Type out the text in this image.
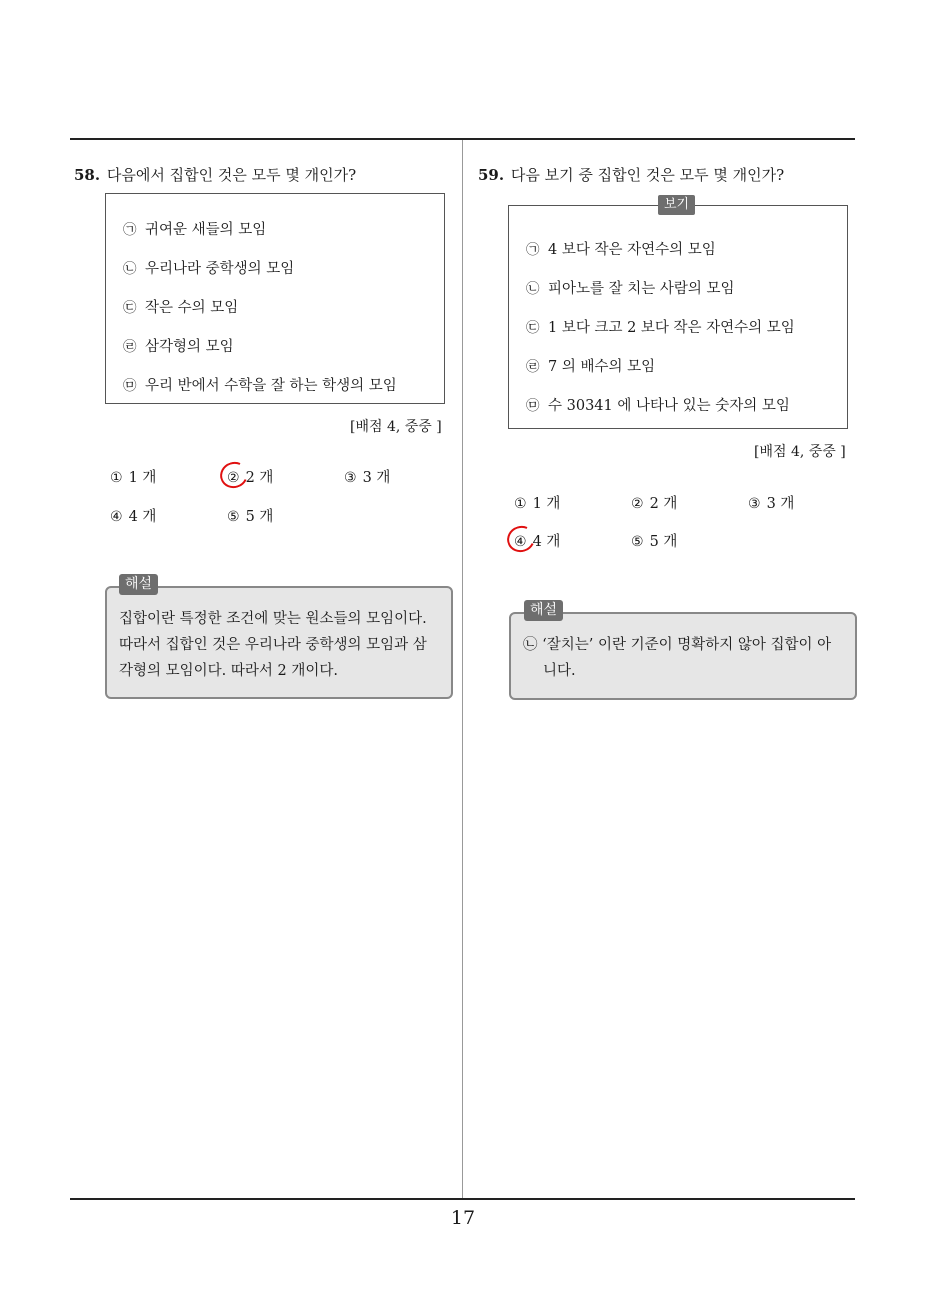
58. 다음에서 집합인 것은 모두 몇 개인가?
㉠ 귀여운 새들의 모임
㉡ 우리나라 중학생의 모임
㉢ 작은 수의 모임
㉣ 삼각형의 모임
㉤ 우리 반에서 수학을 잘 하는 학생의 모임
[배점 4, 중중 ]
① 1 개	② 2 개	③ 3 개
④ 4 개	⑤ 5 개
집합이란 특정한 조건에 맞는 원소들의 모임이다.
따라서 집합인 것은 우리나라 중학생의 모임과 삼
각형의 모임이다. 따라서 2 개이다.
해설
59. 다음 보기 중 집합인 것은 모두 몇 개인가?
㉠ 4 보다 작은 자연수의 모임
㉡ 피아노를 잘 치는 사람의 모임
㉢ 1 보다 크고 2 보다 작은 자연수의 모임
㉣ 7 의 배수의 모임
㉤ 수 30341 에 나타나 있는 숫자의 모임
보기
[배점 4, 중중 ]
① 1 개	② 2 개	③ 3 개
④ 4 개	⑤ 5 개
㉡ ‘잘치는’ 이란 기준이 명확하지 않아 집합이 아
니다.
해설
17
